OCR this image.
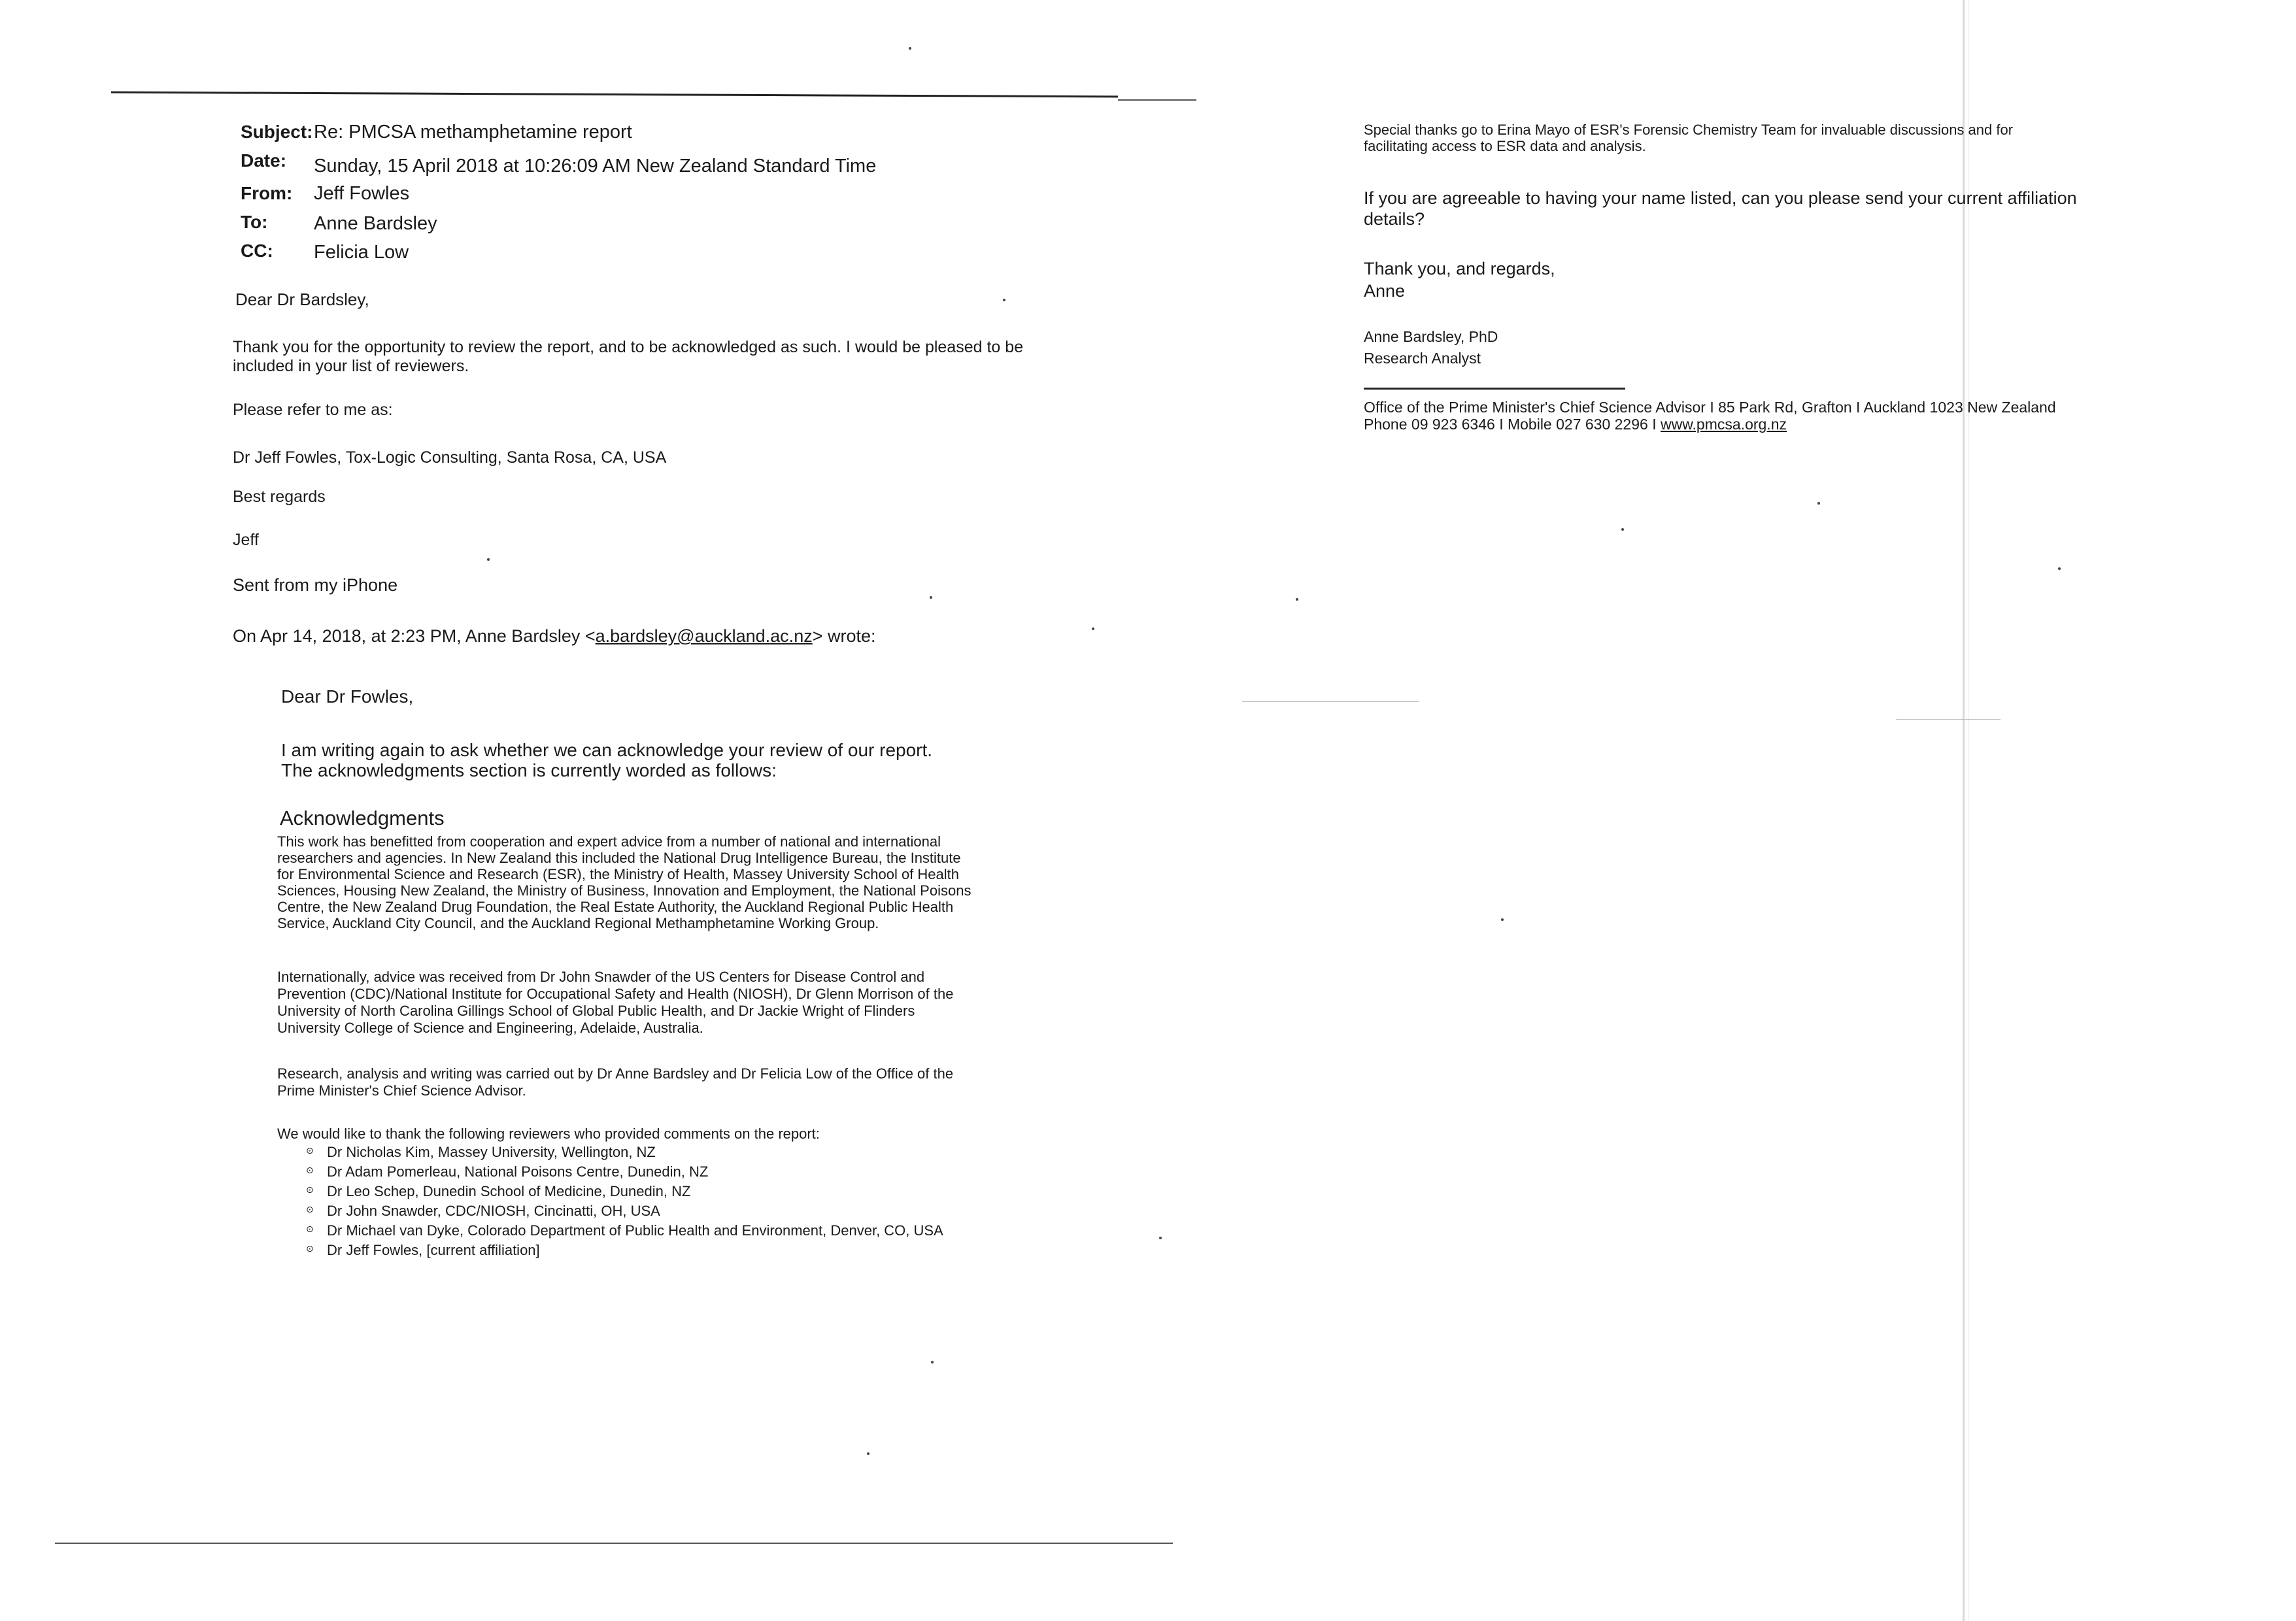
Subject: Re: PMCSA methamphetamine report
Date: Sunday, 15 April 2018 at 10:26:09 AM New Zealand Standard Time
From: Jeff Fowles
To: Anne Bardsley
CC: Felicia Low
Dear Dr Bardsley,
Thank you for the opportunity to review the report, and to be acknowledged as such. I would be pleased to be
included in your list of reviewers.
Please refer to me as:
Dr Jeff Fowles, Tox-Logic Consulting, Santa Rosa, CA, USA
Best regards
Jeff
Sent from my iPhone
On Apr 14, 2018, at 2:23 PM, Anne Bardsley <a.bardsley@auckland.ac.nz> wrote:
Dear Dr Fowles,
I am writing again to ask whether we can acknowledge your review of our report.
The acknowledgments section is currently worded as follows:
Acknowledgments
This work has benefitted from cooperation and expert advice from a number of national and international
researchers and agencies. In New Zealand this included the National Drug Intelligence Bureau, the Institute
for Environmental Science and Research (ESR), the Ministry of Health, Massey University School of Health
Sciences, Housing New Zealand, the Ministry of Business, Innovation and Employment, the National Poisons
Centre, the New Zealand Drug Foundation, the Real Estate Authority, the Auckland Regional Public Health
Service, Auckland City Council, and the Auckland Regional Methamphetamine Working Group.
Internationally, advice was received from Dr John Snawder of the US Centers for Disease Control and
Prevention (CDC)/National Institute for Occupational Safety and Health (NIOSH), Dr Glenn Morrison of the
University of North Carolina Gillings School of Global Public Health, and Dr Jackie Wright of Flinders
University College of Science and Engineering, Adelaide, Australia.
Research, analysis and writing was carried out by Dr Anne Bardsley and Dr Felicia Low of the Office of the
Prime Minister's Chief Science Advisor.
We would like to thank the following reviewers who provided comments on the report:
⊙ Dr Nicholas Kim, Massey University, Wellington, NZ
⊙ Dr Adam Pomerleau, National Poisons Centre, Dunedin, NZ
⊙ Dr Leo Schep, Dunedin School of Medicine, Dunedin, NZ
⊙ Dr John Snawder, CDC/NIOSH, Cincinatti, OH, USA
⊙ Dr Michael van Dyke, Colorado Department of Public Health and Environment, Denver, CO, USA
⊙ Dr Jeff Fowles, [current affiliation]
Special thanks go to Erina Mayo of ESR's Forensic Chemistry Team for invaluable discussions and for
facilitating access to ESR data and analysis.
If you are agreeable to having your name listed, can you please send your current affiliation
details?
Thank you, and regards,
Anne
Anne Bardsley, PhD
Research Analyst
Office of the Prime Minister's Chief Science Advisor I 85 Park Rd, Grafton I Auckland 1023 New Zealand
Phone 09 923 6346 I Mobile 027 630 2296 I www.pmcsa.org.nz
